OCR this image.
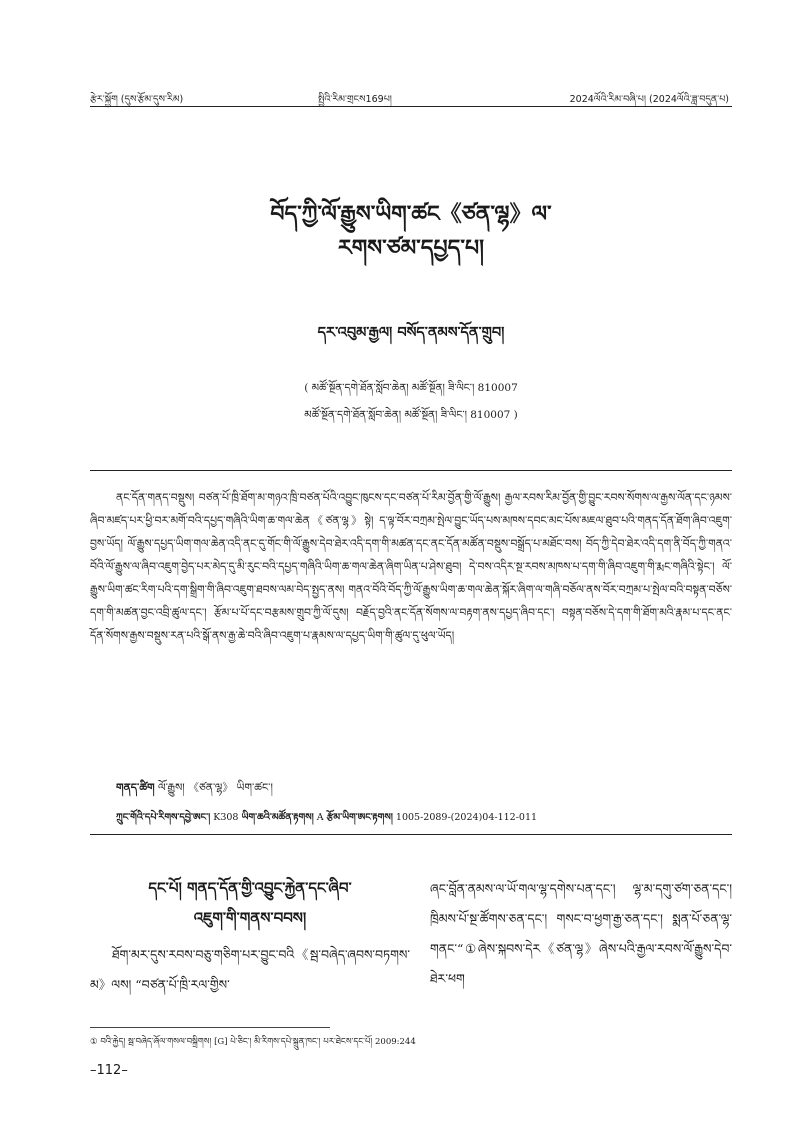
རྩེར་སྐྱོག (དུས་རྩོམ་དུས་རིམ)	སྤྱིའི་རིམ་གྲངས169པ།	2024ལོའི་རིམ་བཞི་པ། (2024ལོའི་ཟླ་བདུན་པ)
བོད་ཀྱི་ལོ་རྒྱུས་ཡིག་ཚང《ཙན་ལྷ》ལ་
རགས་ཙམ་དཔྱད་པ།
དར་འབུམ་རྒྱལ། བསོད་ནམས་དོན་གྲུབ།
( མཚོ་སྔོན་དགེ་ཐོན་སློབ་ཆེན། མཚོ་སྔོན། ཟི་ལིང་། 810007
མཚོ་སྔོན་དགེ་ཐོན་སློབ་ཆེན། མཚོ་སྔོན། ཟི་ལིང་། 810007 )
ནང་དོན་གནད་བསྡུས། བཙན་པོ་ཁྲི་ཐོག་མ་གཉའ་ཁྲི་བཙན་པོའི་འབྱུང་ཁུངས་དང་བཙན་པོ་རིམ་བྱོན་གྱི་ལོ་རྒྱུས། རྒྱལ་རབས་རིམ་བྱོན་གྱི་བྱུང་རབས་སོགས་ལ་རྒྱས་ལོན་དང་ཉམས་ཞིབ་མཛད་པར་ཕྱི་བར་མགོ་བའི་དཔྱད་གཞིའི་ཡིག་ཆ་གལ་ཆེན《ཙན་ལྷ》སྟེ། ད་ལྟ་བོར་བཀྲམ་སྤེལ་བྱུང་ཡོད་པས་མཁས་དབང་མང་པོས་མཇལ་ཐུབ་པའི་གནད་དོན་ཐོག་ཞིབ་འཇུག་བྱས་ཡོད། ལོ་རྒྱུས་དཔྱད་ཡིག་གལ་ཆེན་འདི་ནང་དུ་གོང་གི་ལོ་རྒྱུས་དེབ་ཐེར་འདི་དག་གི་མཚན་དང་ནང་དོན་མཚོན་བསྡུས་བསྒྲོད་པ་མཐོང་བས། བོད་ཀྱི་དེབ་ཐེར་འདི་དག་ནི་བོད་ཀྱི་གནའ་བོའི་ལོ་རྒྱུས་ལ་ཞིབ་འཇུག་བྱེད་པར་མེད་དུ་མི་རུང་བའི་དཔྱད་གཞིའི་ཡིག་ཆ་གལ་ཆེན་ཞིག་ཡིན་པ་ཤེས་ཐུབ། དེ་བས་འདིར་སྔ་རབས་མཁས་པ་དག་གི་ཞིབ་འཇུག་གི་རྨང་གཞིའི་སྟེང་། ལོ་རྒྱུས་ཡིག་ཚང་རིག་པའི་དག་སྒྲིག་གི་ཞིབ་འཇུག་ཐབས་ལམ་བེད་སྤྱད་ནས། གནའ་བོའི་བོད་ཀྱི་ལོ་རྒྱུས་ཡིག་ཆ་གལ་ཆེན་སྐོར་ཞིག་ལ་གཞི་བཅོལ་ནས་བོར་བཀྲམ་པ་སྤེལ་བའི་བསྟན་བཅོས་དག་གི་མཚན་བྱང་འབྲི་ཚུལ་དང་། རྩོམ་པ་པོ་དང་བརྩམས་གྲུབ་ཀྱི་ལོ་དུས། བརྗོད་བྱའི་ནང་དོན་སོགས་ལ་བརྟག་ནས་དཔྱད་ཞིབ་དང་། བསྟན་བཅོས་དེ་དག་གི་ཐོག་མའི་རྣམ་པ་དང་ནང་དོན་སོགས་རྒྱས་བསྡུས་རན་པའི་སྒོ་ནས་རྒྱ་ཆེ་བའི་ཞིབ་འཇུག་པ་རྣམས་ལ་དཔྱད་ཡིག་གི་ཚུལ་དུ་ཕུལ་ཡོད།
གནད་ཚིག ལོ་རྒྱུས། 《ཙན་ལྷ》 ཡིག་ཚང་།
ཀྲུང་གོའི་དཔེ་རིགས་དབྱེ་ཨང་། K308 ཡིག་ཆའི་མཚོན་རྟགས། A རྩོམ་ཡིག་ཨང་རྟགས། 1005-2089-(2024)04-112-011
དང་པོ། གནད་དོན་གྱི་འབྱུང་རྐྱེན་དང་ཞིབ་
འཇུག་གི་གནས་བབས།
ཐོག་མར་དུས་རབས་བཅུ་གཅིག་པར་བྱུང་བའི《སྦ་བཞེད་ཞབས་བཏགས་མ》ལས། “བཙན་པོ་ཁྲི་རལ་གྱིས་
ཞང་བློན་ནམས་ལ་ཡོ་གལ་ལྷ་དགེས་པན་དང་། ལྷ་མ་དགུ་ཙག་ཅན་དང་། ཁྲིམས་པོ་སྔ་ཚོགས་ཅན་དང་། གསང་བ་ཕྱག་རྒྱ་ཅན་དང་། སྨན་པོ་ཅན་ལྷ་གནང་“①ཞེས་སྐབས་དེར《ཙན་ལྷ》ཞེས་པའི་རྒྱལ་རབས་ལོ་རྒྱུས་དེབ་ཐེར་ཕག
① བའི་རྐྱེད། སྦ་བཞེད་ཞོལ་གསལ་བསྐྲིགས། [G] པེ་ཅིང་། མི་རིགས་དཔེ་སྐྲུན་ཁང་། པར་ཐེངས་དང་པོ། 2009:244
–112–
